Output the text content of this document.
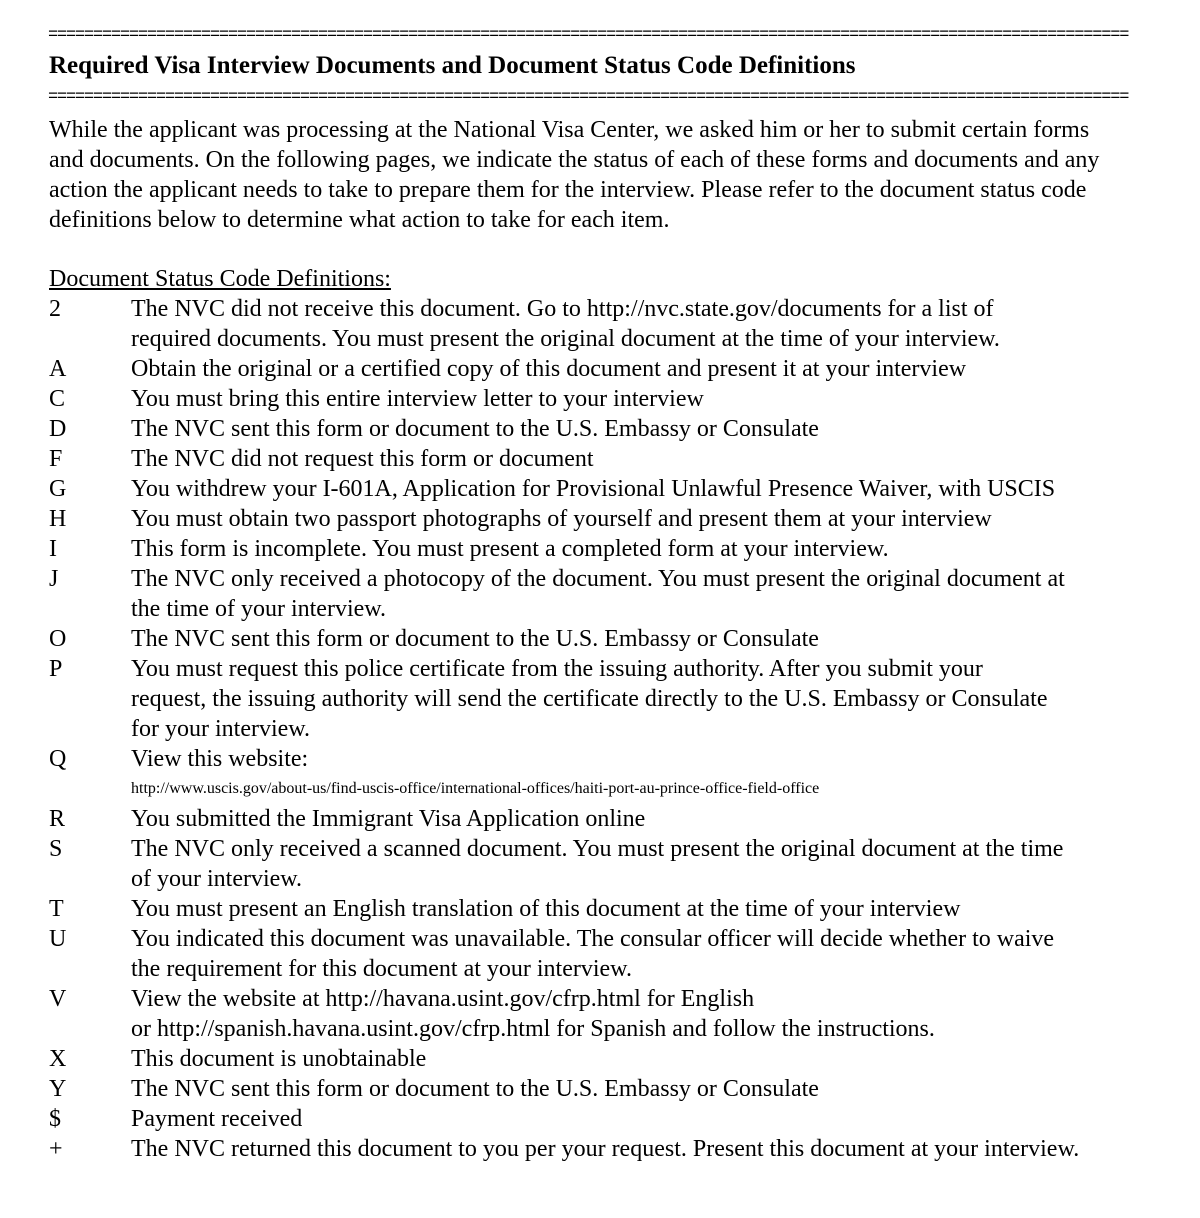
========================================================================================================================
Required Visa Interview Documents and Document Status Code Definitions
========================================================================================================================
While the applicant was processing at the National Visa Center, we asked him or her to submit certain forms
and documents. On the following pages, we indicate the status of each of these forms and documents and any
action the applicant needs to take to prepare them for the interview. Please refer to the document status code
definitions below to determine what action to take for each item.
Document Status Code Definitions:
2	The NVC did not receive this document. Go to http://nvc.state.gov/documents for a list of
required documents. You must present the original document at the time of your interview.
A	Obtain the original or a certified copy of this document and present it at your interview
C	You must bring this entire interview letter to your interview
D	The NVC sent this form or document to the U.S. Embassy or Consulate
F	The NVC did not request this form or document
G	You withdrew your I-601A, Application for Provisional Unlawful Presence Waiver, with USCIS
H	You must obtain two passport photographs of yourself and present them at your interview
I	This form is incomplete. You must present a completed form at your interview.
J	The NVC only received a photocopy of the document. You must present the original document at
the time of your interview.
O	The NVC sent this form or document to the U.S. Embassy or Consulate
P	You must request this police certificate from the issuing authority. After you submit your
request, the issuing authority will send the certificate directly to the U.S. Embassy or Consulate
for your interview.
Q	View this website:
http://www.uscis.gov/about-us/find-uscis-office/international-offices/haiti-port-au-prince-office-field-office
R	You submitted the Immigrant Visa Application online
S	The NVC only received a scanned document. You must present the original document at the time
of your interview.
T	You must present an English translation of this document at the time of your interview
U	You indicated this document was unavailable. The consular officer will decide whether to waive
the requirement for this document at your interview.
V	View the website at http://havana.usint.gov/cfrp.html for English
or http://spanish.havana.usint.gov/cfrp.html for Spanish and follow the instructions.
X	This document is unobtainable
Y	The NVC sent this form or document to the U.S. Embassy or Consulate
$	Payment received
+	The NVC returned this document to you per your request. Present this document at your interview.
